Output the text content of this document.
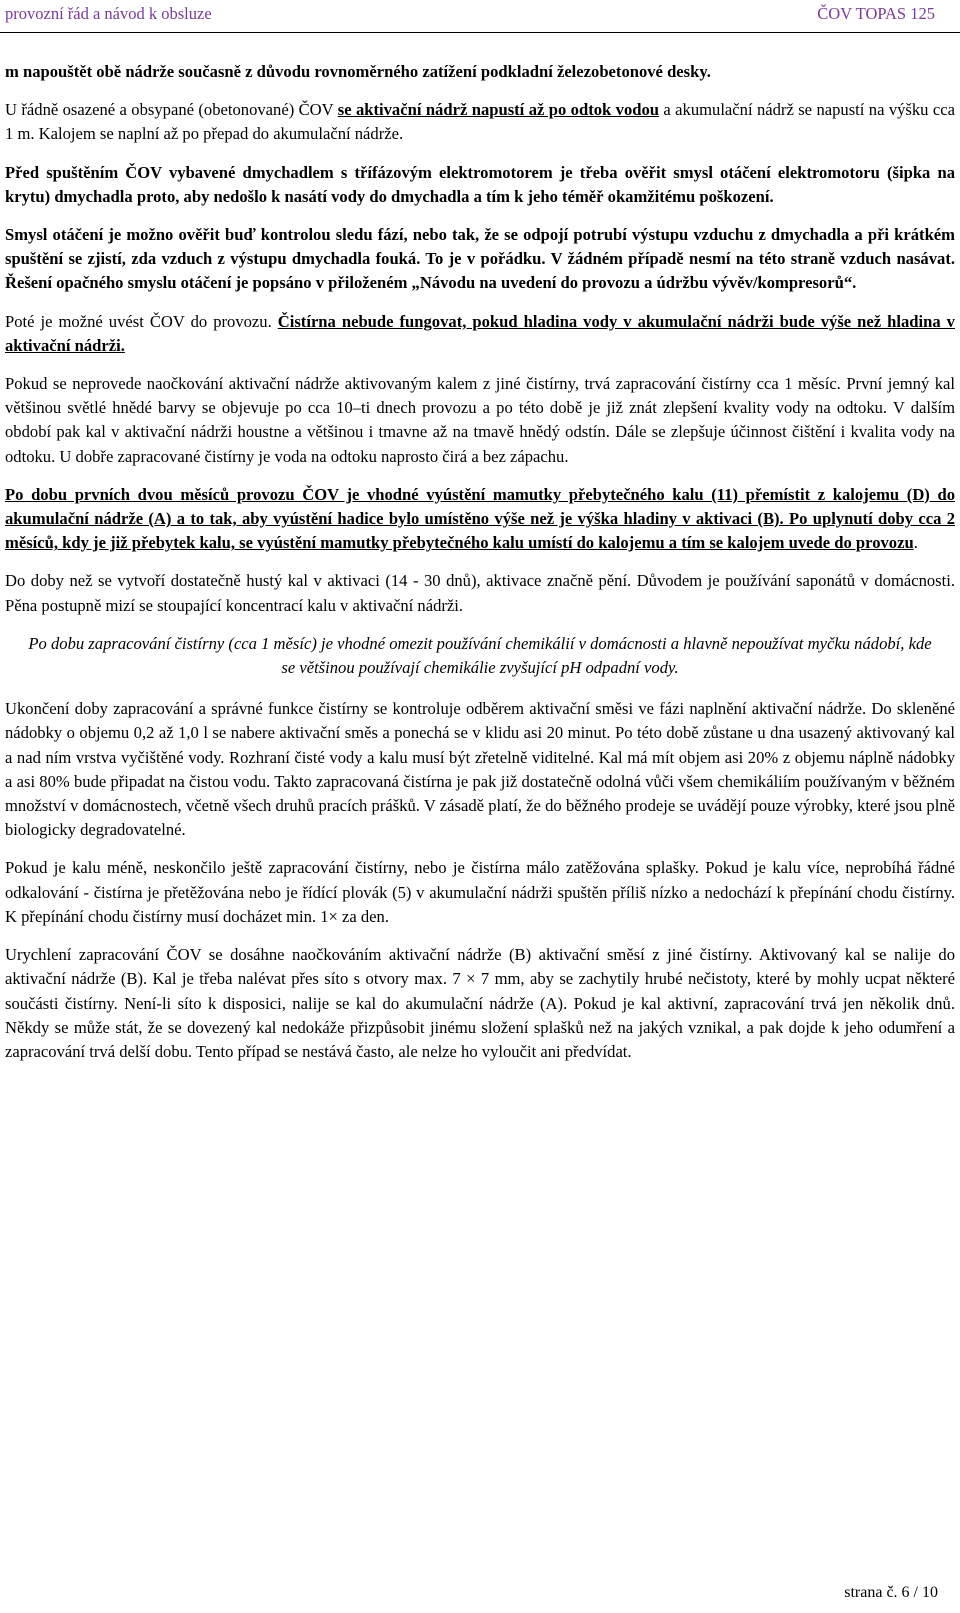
provozní řád a návod k obsluze	ČOV TOPAS 125

m napouštět obě nádrže současně z důvodu rovnoměrného zatížení podkladní železobetonové desky.

U řádně osazené a obsypané (obetonované) ČOV se aktivační nádrž napustí až po odtok vodou a akumulační nádrž se napustí na výšku cca 1 m. Kalojem se naplní až po přepad do akumulační nádrže.

Před spuštěním ČOV vybavené dmychadlem s třífázovým elektromotorem je třeba ověřit smysl otáčení elektromotoru (šipka na krytu) dmychadla proto, aby nedošlo k nasátí vody do dmychadla a tím k jeho téměř okamžitému poškození.

Smysl otáčení je možno ověřit buď kontrolou sledu fází, nebo tak, že se odpojí potrubí výstupu vzduchu z dmychadla a při krátkém spuštění se zjistí, zda vzduch z výstupu dmychadla fouká. To je v pořádku. V žádném případě nesmí na této straně vzduch nasávat. Řešení opačného smyslu otáčení je popsáno v přiloženém „Návodu na uvedení do provozu a údržbu vývěv/kompresorů“.

Poté je možné uvést ČOV do provozu. Čistírna nebude fungovat, pokud hladina vody v akumulační nádrži bude výše než hladina v aktivační nádrži.

Pokud se neprovede naočkování aktivační nádrže aktivovaným kalem z jiné čistírny, trvá zapracování čistírny cca 1 měsíc. První jemný kal většinou světlé hnědé barvy se objevuje po cca 10–ti dnech provozu a po této době je již znát zlepšení kvality vody na odtoku. V dalším období pak kal v aktivační nádrži houstne a většinou i tmavne až na tmavě hnědý odstín. Dále se zlepšuje účinnost čištění i kvalita vody na odtoku. U dobře zapracované čistírny je voda na odtoku naprosto čirá a bez zápachu.

Po dobu prvních dvou měsíců provozu ČOV je vhodné vyústění mamutky přebytečného kalu (11) přemístit z kalojemu (D) do akumulační nádrže (A) a to tak, aby vyústění hadice bylo umístěno výše než je výška hladiny v aktivaci (B). Po uplynutí doby cca 2 měsíců, kdy je již přebytek kalu, se vyústění mamutky přebytečného kalu umístí do kalojemu a tím se kalojem uvede do provozu.

Do doby než se vytvoří dostatečně hustý kal v aktivaci (14 - 30 dnů), aktivace značně pění. Důvodem je používání saponátů v domácnosti. Pěna postupně mizí se stoupající koncentrací kalu v aktivační nádrži.

Po dobu zapracování čistírny (cca 1 měsíc) je vhodné omezit používání chemikálií v domácnosti a hlavně nepoužívat myčku nádobí, kde se většinou používají chemikálie zvyšující pH odpadní vody.

Ukončení doby zapracování a správné funkce čistírny se kontroluje odběrem aktivační směsi ve fázi naplnění aktivační nádrže. Do skleněné nádobky o objemu 0,2 až 1,0 l se nabere aktivační směs a ponechá se v klidu asi 20 minut. Po této době zůstane u dna usazený aktivovaný kal a nad ním vrstva vyčištěné vody. Rozhraní čisté vody a kalu musí být zřetelně viditelné. Kal má mít objem asi 20% z objemu náplně nádobky a asi 80% bude připadat na čistou vodu. Takto zapracovaná čistírna je pak již dostatečně odolná vůči všem chemikáliím používaným v běžném množství v domácnostech, včetně všech druhů pracích prášků. V zásadě platí, že do běžného prodeje se uvádějí pouze výrobky, které jsou plně biologicky degradovatelné.

Pokud je kalu méně, neskončilo ještě zapracování čistírny, nebo je čistírna málo zatěžována splašky. Pokud je kalu více, neprobíhá řádné odkalování - čistírna je přetěžována nebo je řídící plovák (5) v akumulační nádrži spuštěn příliš nízko a nedochází k přepínání chodu čistírny. K přepínání chodu čistírny musí docházet min. 1× za den.

Urychlení zapracování ČOV se dosáhne naočkováním aktivační nádrže (B) aktivační směsí z jiné čistírny. Aktivovaný kal se nalije do aktivační nádrže (B). Kal je třeba nalévat přes síto s otvory max. 7 × 7 mm, aby se zachytily hrubé nečistoty, které by mohly ucpat některé součásti čistírny. Není-li síto k disposici, nalije se kal do akumulační nádrže (A). Pokud je kal aktivní, zapracování trvá jen několik dnů. Někdy se může stát, že se dovezený kal nedokáže přizpůsobit jinému složení splašků než na jakých vznikal, a pak dojde k jeho odumření a zapracování trvá delší dobu. Tento případ se nestává často, ale nelze ho vyloučit ani předvídat.

strana č. 6 / 10
